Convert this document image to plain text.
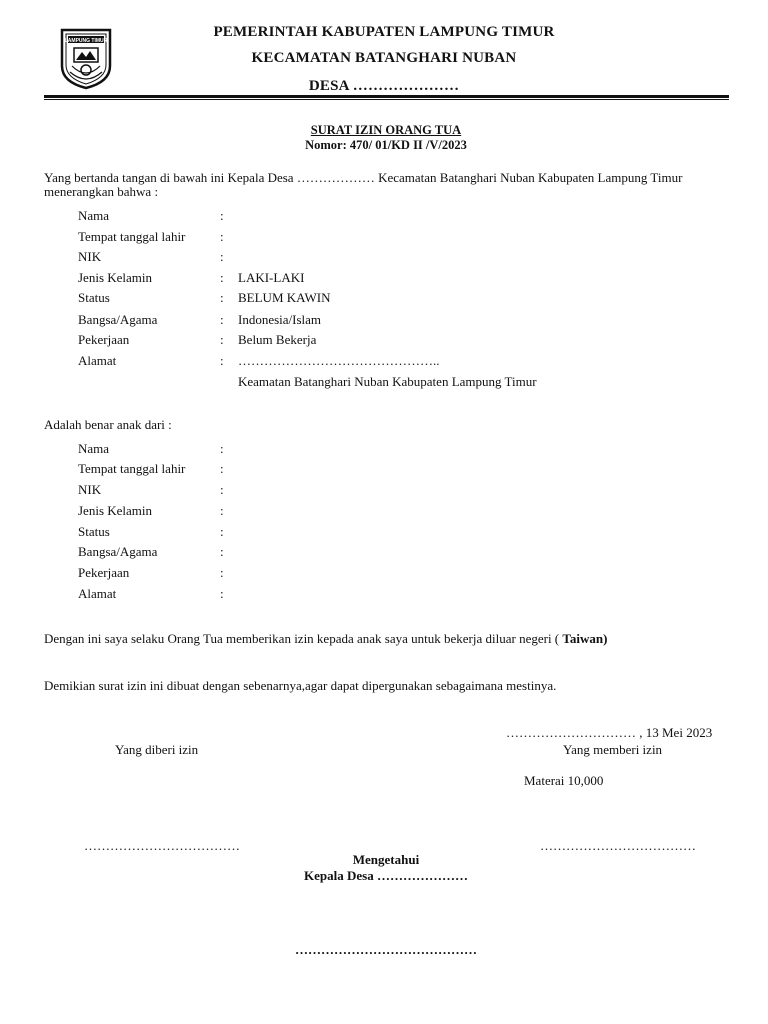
LAMPUNG TIMUR
PEMERINTAH KABUPATEN LAMPUNG TIMUR
KECAMATAN BATANGHARI NUBAN
DESA …………………
SURAT IZIN ORANG TUA
Nomor: 470/ 01/KD II /V/2023
Yang bertanda tangan di bawah ini Kepala Desa ……………… Kecamatan Batanghari Nuban Kabupaten Lampung Timur
menerangkan bahwa :
Nama	:
Tempat tanggal lahir	:
NIK	:
Jenis Kelamin	: LAKI-LAKI
Status	: BELUM KAWIN
Bangsa/Agama	: Indonesia/Islam
Pekerjaan	: Belum Bekerja
Alamat	: ………………………………………..
Keamatan Batanghari Nuban Kabupaten Lampung Timur
Adalah benar anak dari :
Nama	:
Tempat tanggal lahir	:
NIK	:
Jenis Kelamin	:
Status	:
Bangsa/Agama	:
Pekerjaan	:
Alamat	:
Dengan ini saya selaku Orang Tua memberikan izin kepada anak saya untuk bekerja diluar negeri ( Taiwan)
Demikian surat izin ini dibuat dengan sebenarnya,agar dapat dipergunakan sebagaimana mestinya.
………………………… , 13 Mei 2023
Yang diberi izin	Yang memberi izin
Materai 10,000
………………………………	………………………………
Mengetahui
Kepala Desa …………………
……………………………………
